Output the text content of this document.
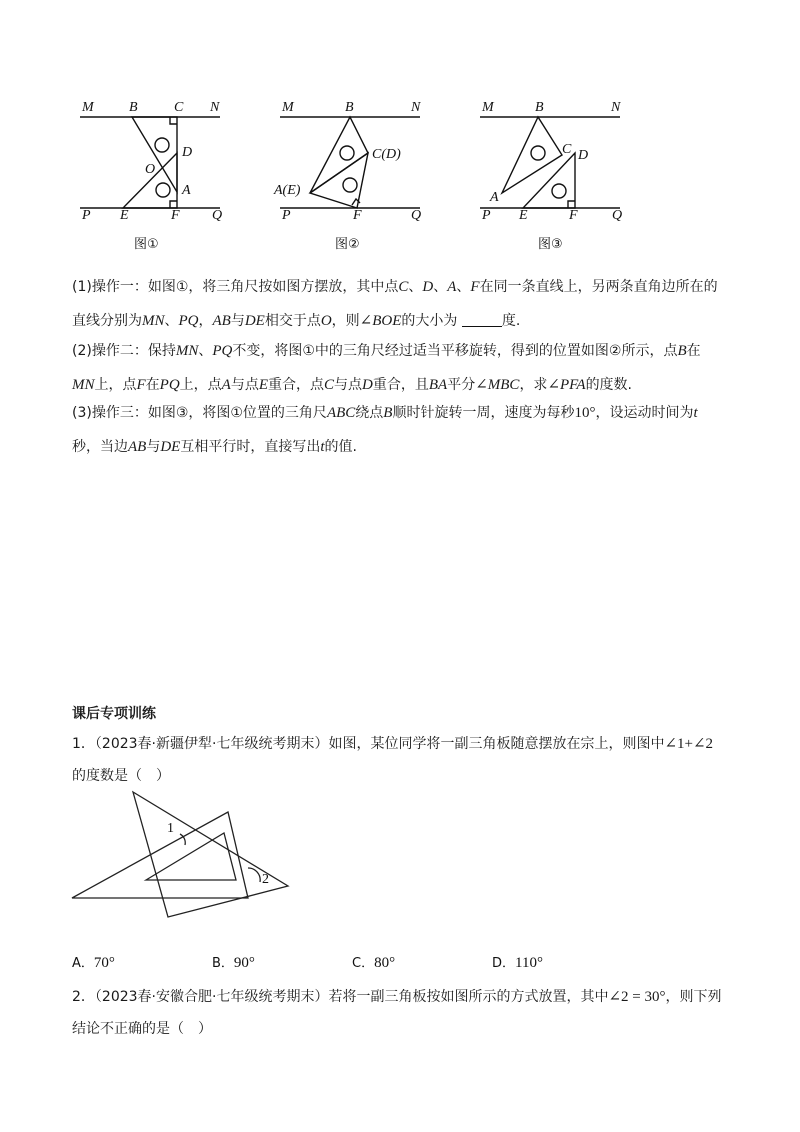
M	B	C N
D
O
A
P E	F Q
图①
M	B	N
C(D)
A(E)
P	F	Q
图②
M	B	N
C D
A
P E	F Q
图③
(1)操作一：如图①，将三角尺按如图方摆放，其中点C、D、A、F在同一条直线上，另两条直角边所在的
直线分别为MN、PQ，AB与DE相交于点O，则∠BOE的大小为	度.
(2)操作二：保持MN、PQ不变，将图①中的三角尺经过适当平移旋转，得到的位置如图②所示，点B在
MN上，点F在PQ上，点A与点E重合，点C与点D重合，且BA平分∠MBC，求∠PFA的度数.
(3)操作三：如图③，将图①位置的三角尺ABC绕点B顺时针旋转一周，速度为每秒10°，设运动时间为t
秒，当边AB与DE互相平行时，直接写出t的值.
课后专项训练
1．（2023春·新疆伊犁·七年级统考期末）如图，某位同学将一副三角板随意摆放在宗上，则图中∠1+∠2
的度数是（　）
1
2
A．70°	B．90°	C．80°	D．110°
2．（2023春·安徽合肥·七年级统考期末）若将一副三角板按如图所示的方式放置，其中∠2 = 30°，则下列
结论不正确的是（　）
